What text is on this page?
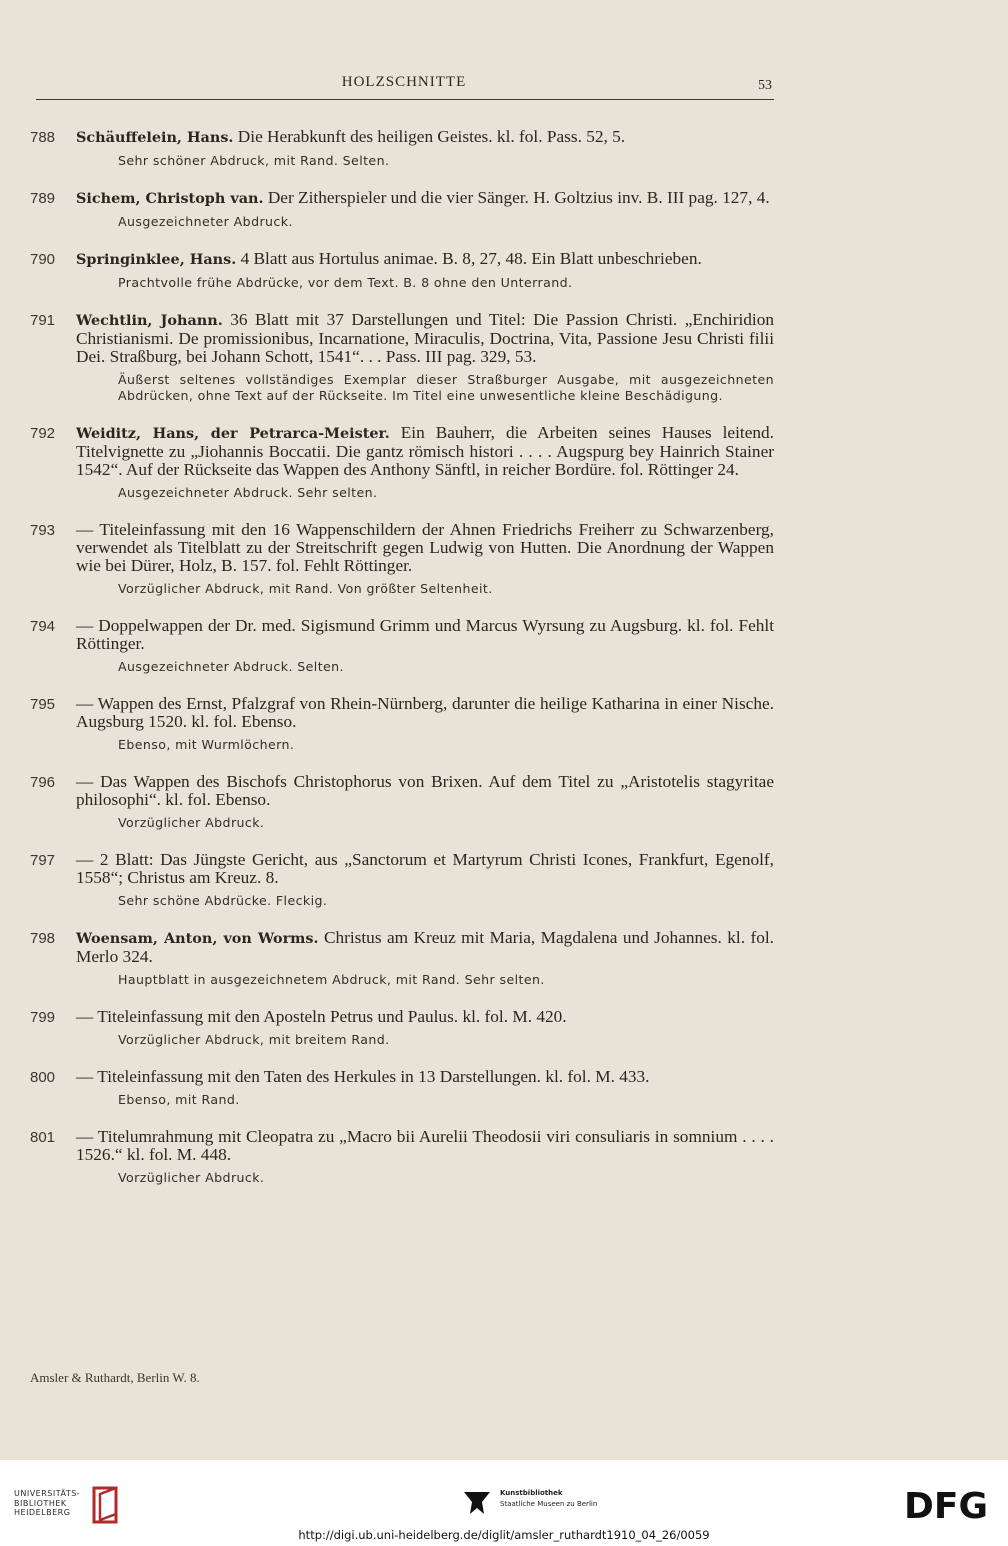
HOLZSCHNITTE	53
788 Schäuffelein, Hans. Die Herabkunft des heiligen Geistes. kl. fol. Pass. 52, 5.
Sehr schöner Abdruck, mit Rand. Selten.
789 Sichem, Christoph van. Der Zitherspieler und die vier Sänger. H. Goltzius inv. B. III pag. 127, 4.
Ausgezeichneter Abdruck.
790 Springinklee, Hans. 4 Blatt aus Hortulus animae. B. 8, 27, 48. Ein Blatt unbeschrieben.
Prachtvolle frühe Abdrücke, vor dem Text. B. 8 ohne den Unterrand.
791 Wechtlin, Johann. 36 Blatt mit 37 Darstellungen und Titel: Die Passion Christi. „Enchiridion Christianismi. De promissionibus, Incarnatione, Miraculis, Doctrina, Vita, Passione Jesu Christi filii Dei. Straßburg, bei Johann Schott, 1541“. . . Pass. III pag. 329, 53.
Äußerst seltenes vollständiges Exemplar dieser Straßburger Ausgabe, mit ausgezeichneten Abdrücken, ohne Text auf der Rückseite. Im Titel eine unwesentliche kleine Beschädigung.
792 Weiditz, Hans, der Petrarca-Meister. Ein Bauherr, die Arbeiten seines Hauses leitend. Titelvignette zu „Jiohannis Boccatii. Die gantz römisch histori . . . . Augspurg bey Hainrich Stainer 1542“. Auf der Rückseite das Wappen des Anthony Sänftl, in reicher Bordüre. fol. Röttinger 24.
Ausgezeichneter Abdruck. Sehr selten.
793 — Titeleinfassung mit den 16 Wappenschildern der Ahnen Friedrichs Freiherr zu Schwarzenberg, verwendet als Titelblatt zu der Streitschrift gegen Ludwig von Hutten. Die Anordnung der Wappen wie bei Dürer, Holz, B. 157. fol. Fehlt Röttinger.
Vorzüglicher Abdruck, mit Rand. Von größter Seltenheit.
794 — Doppelwappen der Dr. med. Sigismund Grimm und Marcus Wyrsung zu Augsburg. kl. fol. Fehlt Röttinger.
Ausgezeichneter Abdruck. Selten.
795 — Wappen des Ernst, Pfalzgraf von Rhein-Nürnberg, darunter die heilige Katharina in einer Nische. Augsburg 1520. kl. fol. Ebenso.
Ebenso, mit Wurmlöchern.
796 — Das Wappen des Bischofs Christophorus von Brixen. Auf dem Titel zu „Aristotelis stagyritae philosophi“. kl. fol. Ebenso.
Vorzüglicher Abdruck.
797 — 2 Blatt: Das Jüngste Gericht, aus „Sanctorum et Martyrum Christi Icones, Frankfurt, Egenolf, 1558“; Christus am Kreuz. 8.
Sehr schöne Abdrücke. Fleckig.
798 Woensam, Anton, von Worms. Christus am Kreuz mit Maria, Magdalena und Johannes. kl. fol. Merlo 324.
Hauptblatt in ausgezeichnetem Abdruck, mit Rand. Sehr selten.
799 — Titeleinfassung mit den Aposteln Petrus und Paulus. kl. fol. M. 420.
Vorzüglicher Abdruck, mit breitem Rand.
800 — Titeleinfassung mit den Taten des Herkules in 13 Darstellungen. kl. fol. M. 433.
Ebenso, mit Rand.
801 — Titelumrahmung mit Cleopatra zu „Macro bii Aurelii Theodosii viri consuliaris in somnium . . . . 1526.“ kl. fol. M. 448.
Vorzüglicher Abdruck.
Amsler & Ruthardt, Berlin W. 8.
UNIVERSITÄTS-
BIBLIOTHEK
HEIDELBERG
Kunstbibliothek
Staatliche Museen zu Berlin	DFG
http://digi.ub.uni-heidelberg.de/diglit/amsler_ruthardt1910_04_26/0059
